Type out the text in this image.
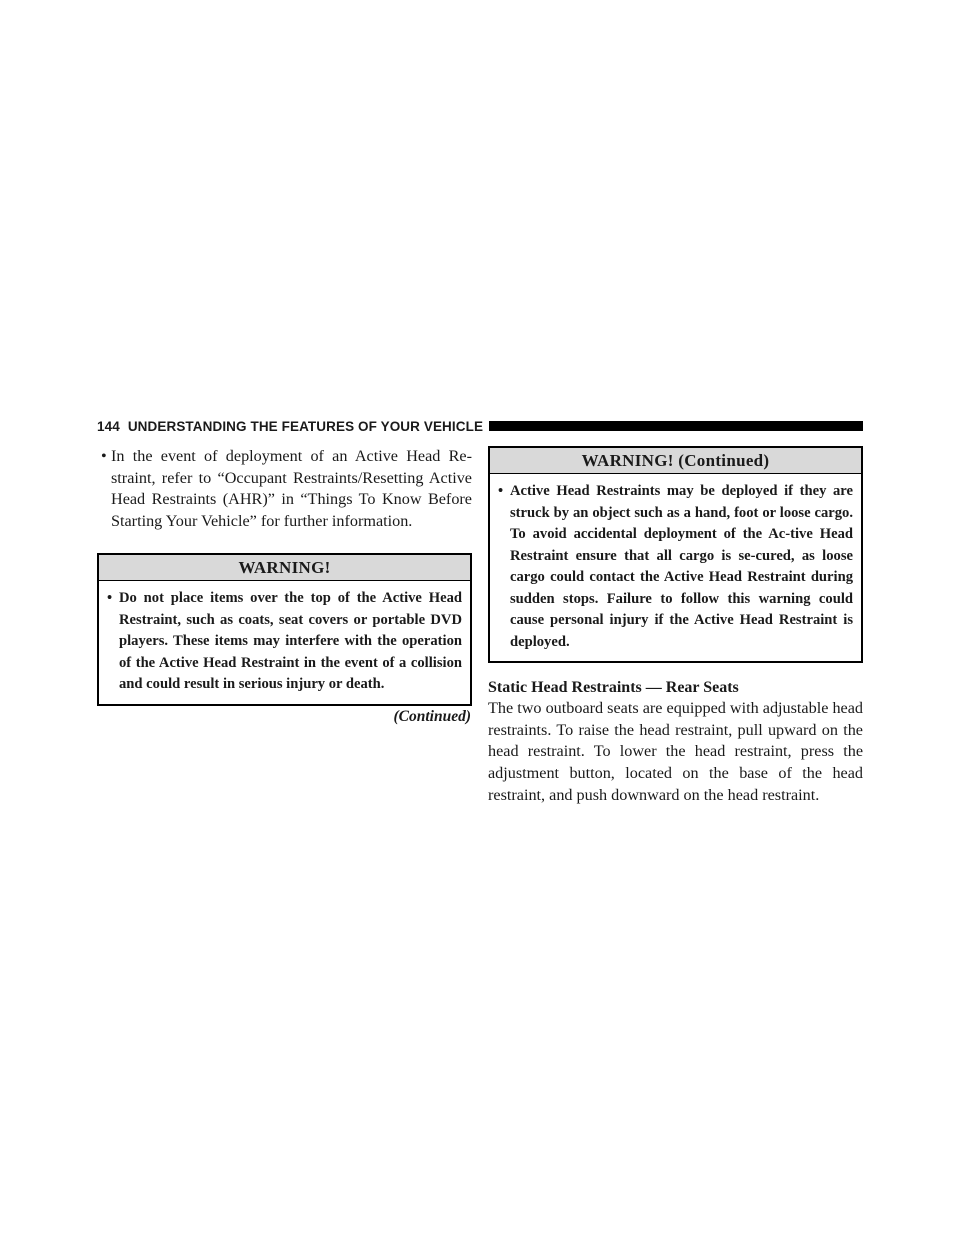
144 UNDERSTANDING THE FEATURES OF YOUR VEHICLE
• In the event of deployment of an Active Head Re-straint, refer to “Occupant Restraints/Resetting Active Head Restraints (AHR)” in “Things To Know Before Starting Your Vehicle” for further information.
WARNING!
• Do not place items over the top of the Active Head Restraint, such as coats, seat covers or portable DVD players. These items may interfere with the operation of the Active Head Restraint in the event of a collision and could result in serious injury or death.
(Continued)
WARNING! (Continued)
• Active Head Restraints may be deployed if they are struck by an object such as a hand, foot or loose cargo. To avoid accidental deployment of the Ac-tive Head Restraint ensure that all cargo is se-cured, as loose cargo could contact the Active Head Restraint during sudden stops. Failure to follow this warning could cause personal injury if the Active Head Restraint is deployed.
Static Head Restraints — Rear Seats
The two outboard seats are equipped with adjustable head restraints. To raise the head restraint, pull upward on the head restraint. To lower the head restraint, press the adjustment button, located on the base of the head restraint, and push downward on the head restraint.
